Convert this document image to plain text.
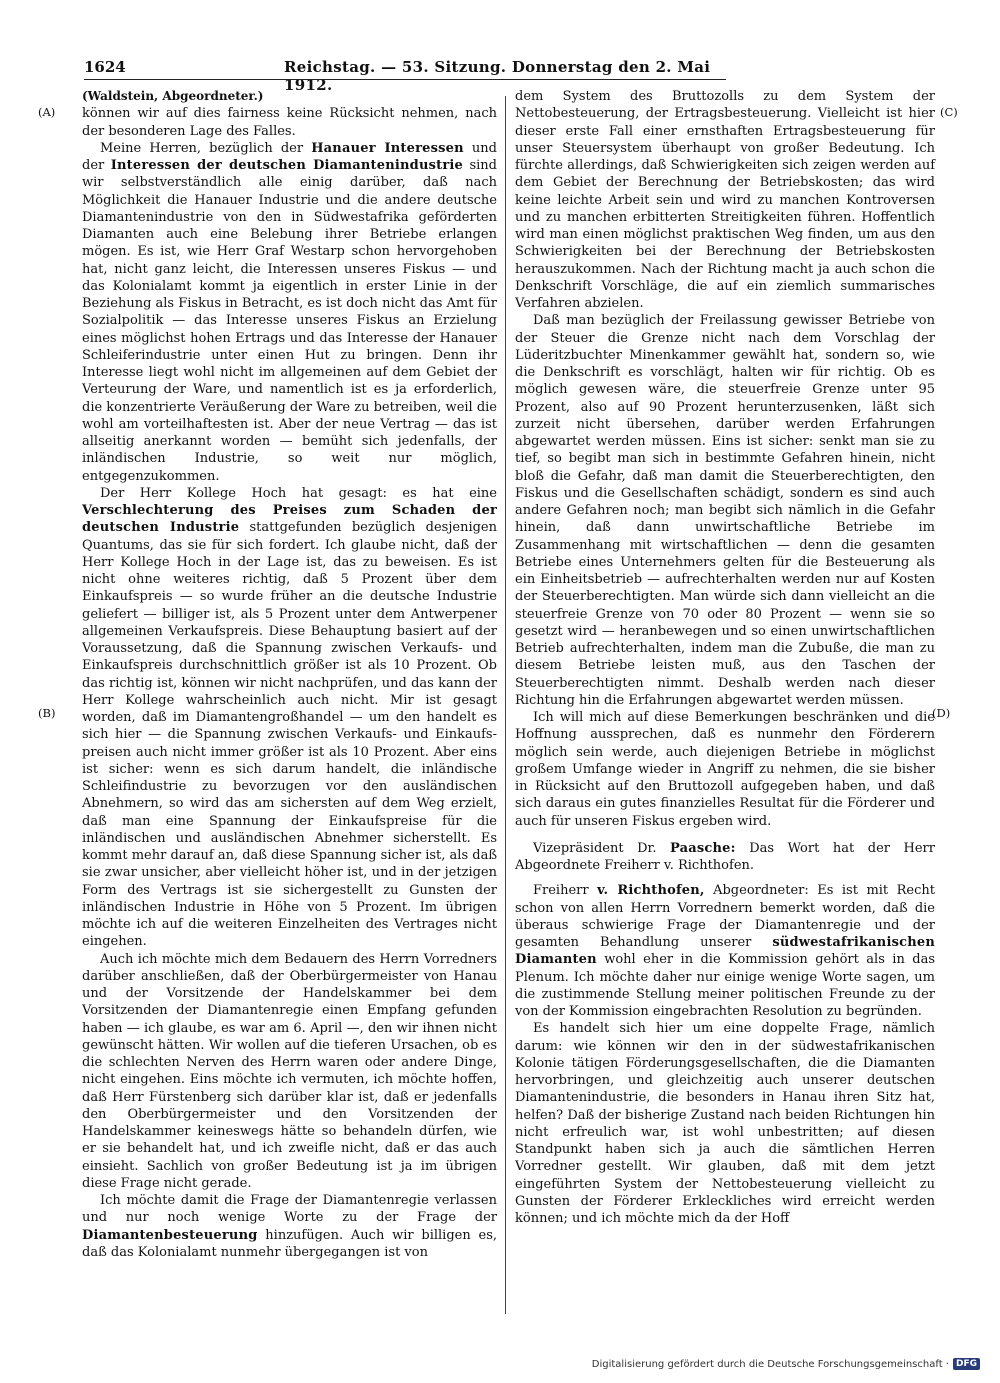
1624	Reichstag. — 53. Sitzung. Donnerstag den 2. Mai 1912.
(A)
(B)
(C)
(D)

(Waldstein, Abgeordneter.)

können wir auf dies fairness keine Rücksicht nehmen, nach der besonderen Lage des Falles.

Meine Herren, bezüglich der Hanauer Interessen und der Interessen der deutschen Diamantenindustrie sind wir selbstverständlich alle einig darüber, daß nach Möglichkeit die Hanauer Industrie und die andere deutsche Diamantenindustrie von den in Südwestafrika geförderten Diamanten auch eine Belebung ihrer Betriebe erlangen mögen. Es ist, wie Herr Graf Westarp schon hervorgehoben hat, nicht ganz leicht, die Interessen unseres Fiskus — und das Kolonialamt kommt ja eigentlich in erster Linie in der Beziehung als Fiskus in Betracht, es ist doch nicht das Amt für Sozialpolitik — das Interesse unseres Fiskus an Erzielung eines möglichst hohen Ertrags und das Interesse der Hanauer Schleiferindustrie unter einen Hut zu bringen. Denn ihr Interesse liegt wohl nicht im allgemeinen auf dem Gebiet der Verteurung der Ware, und namentlich ist es ja erforderlich, die konzentrierte Veräußerung der Ware zu betreiben, weil die wohl am vorteilhaftesten ist. Aber der neue Vertrag — das ist allseitig anerkannt worden — bemüht sich jedenfalls, der inländischen Industrie, so weit nur möglich, entgegenzukommen.

Der Herr Kollege Hoch hat gesagt: es hat eine Verschlechterung des Preises zum Schaden der deutschen Industrie stattgefunden bezüglich desjenigen Quantums, das sie für sich fordert. Ich glaube nicht, daß der Herr Kollege Hoch in der Lage ist, das zu beweisen. Es ist nicht ohne weiteres richtig, daß 5 Prozent über dem Einkaufspreis — so wurde früher an die deutsche Industrie geliefert — billiger ist, als 5 Prozent unter dem Antwerpener allgemeinen Verkaufspreis. Diese Behauptung basiert auf der Voraussetzung, daß die Spannung zwischen Verkaufs- und Einkaufspreis durchschnittlich größer ist als 10 Prozent. Ob das richtig ist, können wir nicht nachprüfen, und das kann der Herr Kollege wahrscheinlich auch nicht. Mir ist gesagt worden, daß im Diamantengroßhandel — um den handelt es sich hier — die Spannung zwischen Verkaufs- und Einkaufspreisen auch nicht immer größer ist als 10 Prozent. Aber eins ist sicher: wenn es sich darum handelt, die inländische Schleifindustrie zu bevorzugen vor den ausländischen Abnehmern, so wird das am sichersten auf dem Weg erzielt, daß man eine Spannung der Einkaufspreise für die inländischen und ausländischen Abnehmer sicherstellt. Es kommt mehr darauf an, daß diese Spannung sicher ist, als daß sie zwar unsicher, aber vielleicht höher ist, und in der jetzigen Form des Vertrags ist sie sichergestellt zu Gunsten der inländischen Industrie in Höhe von 5 Prozent. Im übrigen möchte ich auf die weiteren Einzelheiten des Vertrages nicht eingehen.

Auch ich möchte mich dem Bedauern des Herrn Vorredners darüber anschließen, daß der Oberbürgermeister von Hanau und der Vorsitzende der Handelskammer bei dem Vorsitzenden der Diamantenregie einen Empfang gefunden haben — ich glaube, es war am 6. April —, den wir ihnen nicht gewünscht hätten. Wir wollen auf die tieferen Ursachen, ob es die schlechten Nerven des Herrn waren oder andere Dinge, nicht eingehen. Eins möchte ich vermuten, ich möchte hoffen, daß Herr Fürstenberg sich darüber klar ist, daß er jedenfalls den Oberbürgermeister und den Vorsitzenden der Handelskammer keineswegs hätte so behandeln dürfen, wie er sie behandelt hat, und ich zweifle nicht, daß er das auch einsieht. Sachlich von großer Bedeutung ist ja im übrigen diese Frage nicht gerade.

Ich möchte damit die Frage der Diamantenregie verlassen und nur noch wenige Worte zu der Frage der Diamantenbesteuerung hinzufügen. Auch wir billigen es, daß das Kolonialamt nunmehr übergegangen ist von

dem System des Bruttozolls zu dem System der Nettobesteuerung, der Ertragsbesteuerung. Vielleicht ist hier dieser erste Fall einer ernsthaften Ertragsbesteuerung für unser Steuersystem überhaupt von großer Bedeutung. Ich fürchte allerdings, daß Schwierigkeiten sich zeigen werden auf dem Gebiet der Berechnung der Betriebskosten; das wird keine leichte Arbeit sein und wird zu manchen Kontroversen und zu manchen erbitterten Streitigkeiten führen. Hoffentlich wird man einen möglichst praktischen Weg finden, um aus den Schwierigkeiten bei der Berechnung der Betriebskosten herauszukommen. Nach der Richtung macht ja auch schon die Denkschrift Vorschläge, die auf ein ziemlich summarisches Verfahren abzielen.

Daß man bezüglich der Freilassung gewisser Betriebe von der Steuer die Grenze nicht nach dem Vorschlag der Lüderitzbuchter Minenkammer gewählt hat, sondern so, wie die Denkschrift es vorschlägt, halten wir für richtig. Ob es möglich gewesen wäre, die steuerfreie Grenze unter 95 Prozent, also auf 90 Prozent herunterzusenken, läßt sich zurzeit nicht übersehen, darüber werden Erfahrungen abgewartet werden müssen. Eins ist sicher: senkt man sie zu tief, so begibt man sich in bestimmte Gefahren hinein, nicht bloß die Gefahr, daß man damit die Steuerberechtigten, den Fiskus und die Gesellschaften schädigt, sondern es sind auch andere Gefahren noch; man begibt sich nämlich in die Gefahr hinein, daß dann unwirtschaftliche Betriebe im Zusammenhang mit wirtschaftlichen — denn die gesamten Betriebe eines Unternehmers gelten für die Besteuerung als ein Einheitsbetrieb — aufrechterhalten werden nur auf Kosten der Steuerberechtigten. Man würde sich dann vielleicht an die steuerfreie Grenze von 70 oder 80 Prozent — wenn sie so gesetzt wird — heranbewegen und so einen unwirtschaftlichen Betrieb aufrechterhalten, indem man die Zubuße, die man zu diesem Betriebe leisten muß, aus den Taschen der Steuerberechtigten nimmt. Deshalb werden nach dieser Richtung hin die Erfahrungen abgewartet werden müssen.

Ich will mich auf diese Bemerkungen beschränken und die Hoffnung aussprechen, daß es nunmehr den Förderern möglich sein werde, auch diejenigen Betriebe in möglichst großem Umfange wieder in Angriff zu nehmen, die sie bisher in Rücksicht auf den Bruttozoll aufgegeben haben, und daß sich daraus ein gutes finanzielles Resultat für die Förderer und auch für unseren Fiskus ergeben wird.

Vizepräsident Dr. Paasche: Das Wort hat der Herr Abgeordnete Freiherr v. Richthofen.

Freiherr v. Richthofen, Abgeordneter: Es ist mit Recht schon von allen Herrn Vorrednern bemerkt worden, daß die überaus schwierige Frage der Diamantenregie und der gesamten Behandlung unserer südwestafrikanischen Diamanten wohl eher in die Kommission gehört als in das Plenum. Ich möchte daher nur einige wenige Worte sagen, um die zustimmende Stellung meiner politischen Freunde zu der von der Kommission eingebrachten Resolution zu begründen.

Es handelt sich hier um eine doppelte Frage, nämlich darum: wie können wir den in der südwestafrikanischen Kolonie tätigen Förderungsgesellschaften, die die Diamanten hervorbringen, und gleichzeitig auch unserer deutschen Diamantenindustrie, die besonders in Hanau ihren Sitz hat, helfen? Daß der bisherige Zustand nach beiden Richtungen hin nicht erfreulich war, ist wohl unbestritten; auf diesen Standpunkt haben sich ja auch die sämtlichen Herren Vorredner gestellt. Wir glauben, daß mit dem jetzt eingeführten System der Nettobesteuerung vielleicht zu Gunsten der Förderer Erkleckliches wird erreicht werden können; und ich möchte mich da der Hoff

Digitalisierung gefördert durch die Deutsche Forschungsgemeinschaft · DFG
